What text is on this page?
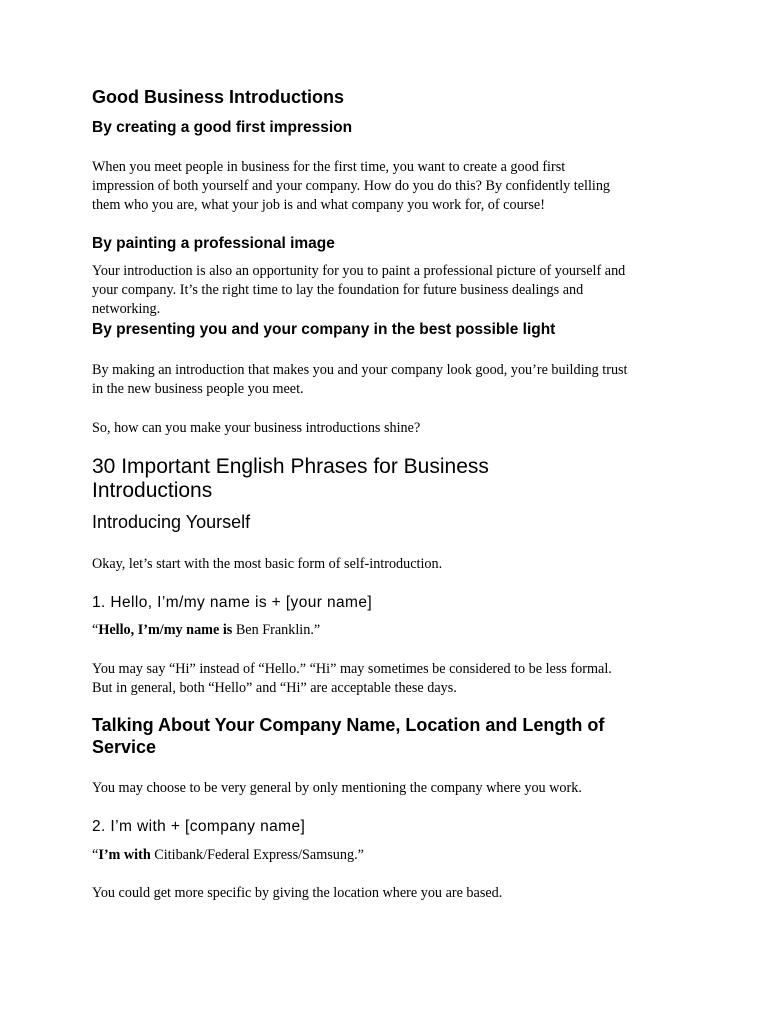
Good Business Introductions
By creating a good first impression

When you meet people in business for the first time, you want to create a good first
impression of both yourself and your company. How do you do this? By confidently telling
them who you are, what your job is and what company you work for, of course!

By painting a professional image

Your introduction is also an opportunity for you to paint a professional picture of yourself and
your company. It’s the right time to lay the foundation for future business dealings and
networking.

By presenting you and your company in the best possible light

By making an introduction that makes you and your company look good, you’re building trust
in the new business people you meet.

So, how can you make your business introductions shine?

30 Important English Phrases for Business
Introductions
Introducing Yourself

Okay, let’s start with the most basic form of self-introduction.

1. Hello, I’m/my name is + [your name]

“Hello, I’m/my name is Ben Franklin.”

You may say “Hi” instead of “Hello.” “Hi” may sometimes be considered to be less formal.
But in general, both “Hello” and “Hi” are acceptable these days.

Talking About Your Company Name, Location and Length of
Service

You may choose to be very general by only mentioning the company where you work.

2. I’m with + [company name]

“I’m with Citibank/Federal Express/Samsung.”

You could get more specific by giving the location where you are based.
